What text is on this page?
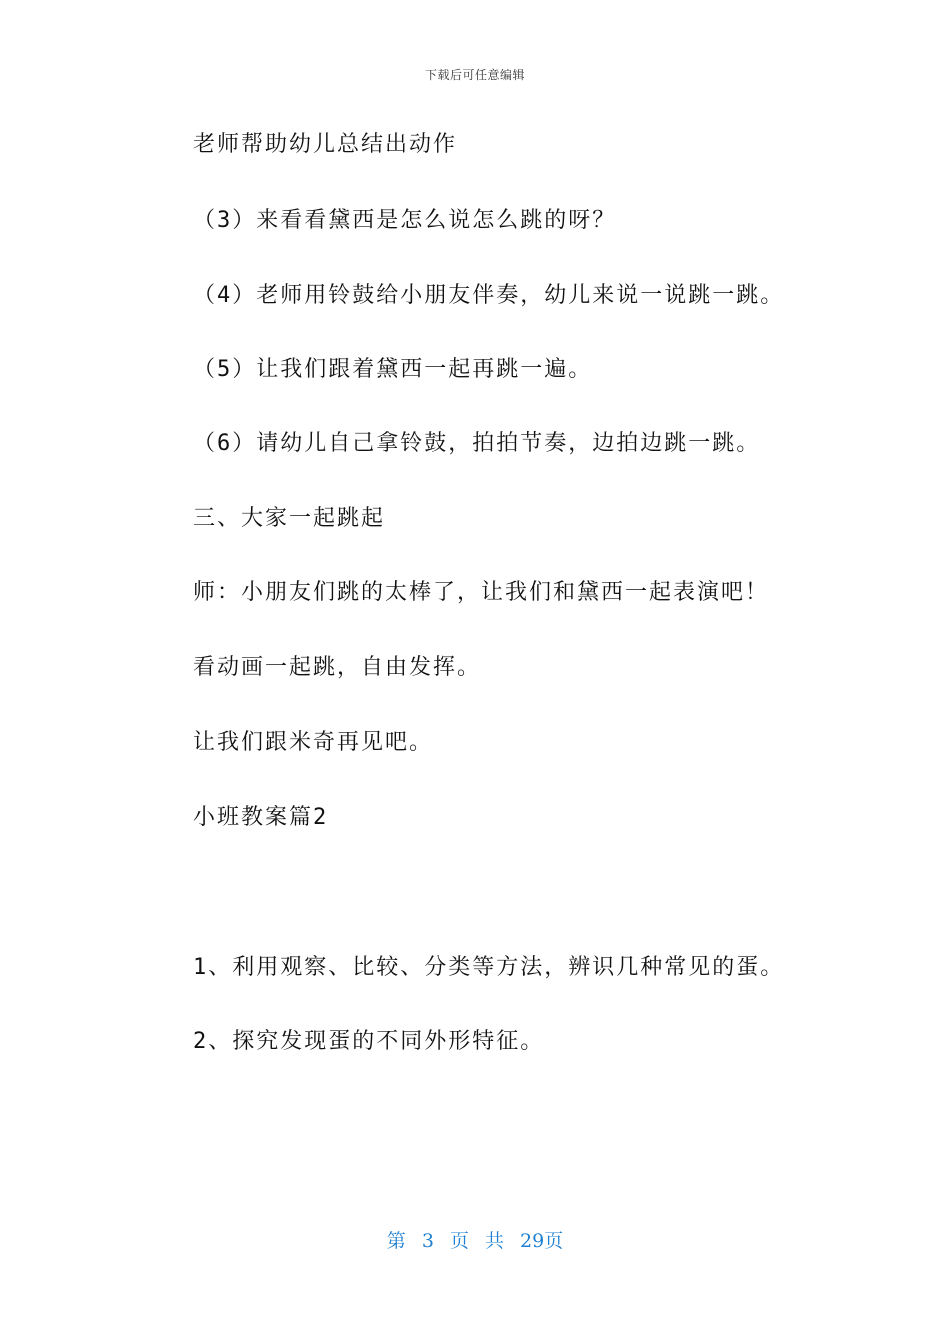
下载后可任意编辑
老师帮助幼儿总结出动作
（3）来看看黛西是怎么说怎么跳的呀？
（4）老师用铃鼓给小朋友伴奏，幼儿来说一说跳一跳。
（5）让我们跟着黛西一起再跳一遍。
（6）请幼儿自己拿铃鼓，拍拍节奏，边拍边跳一跳。
三、大家一起跳起
师：小朋友们跳的太棒了，让我们和黛西一起表演吧！
看动画一起跳，自由发挥。
让我们跟米奇再见吧。
小班教案篇2
1、利用观察、比较、分类等方法，辨识几种常见的蛋。
2、探究发现蛋的不同外形特征。
第 3 页 共 29页
